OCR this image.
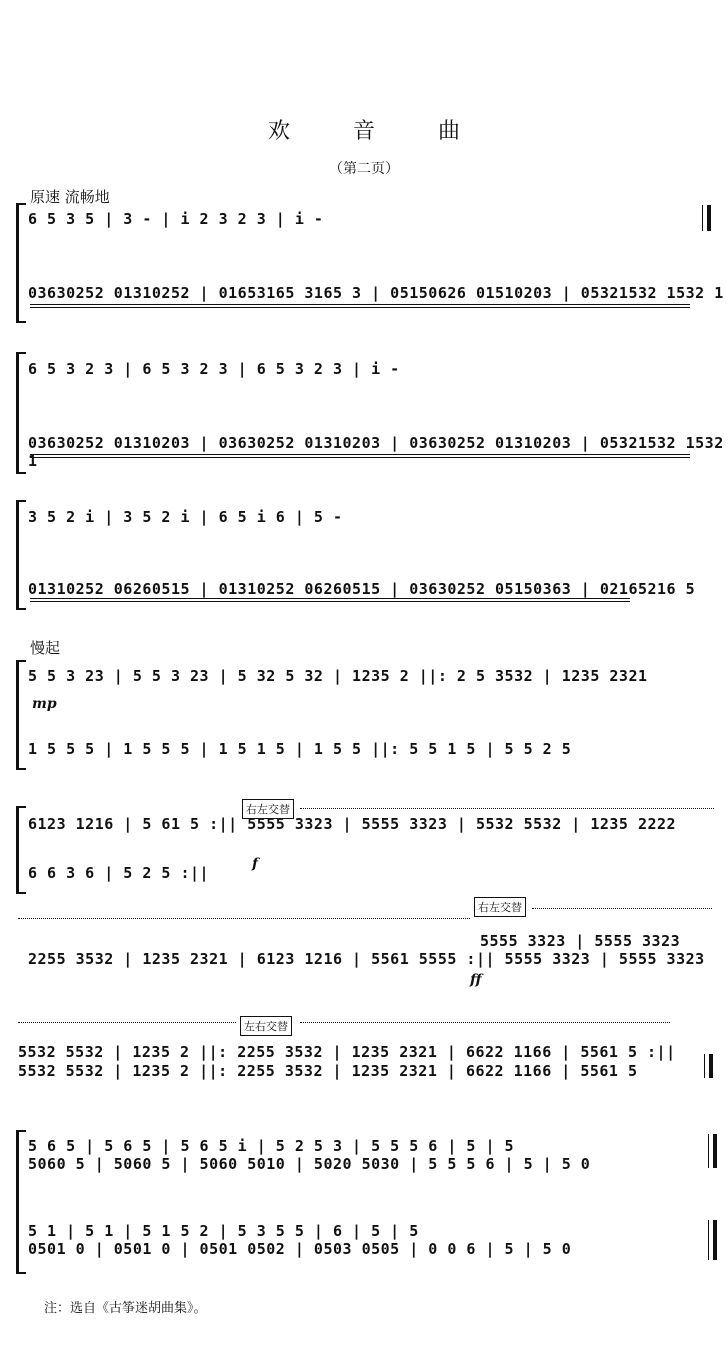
欢 音 曲
（第二页）
原速 流畅地
6 5 3 5 | 3 - | i 2 3 2 3 | i -
03630252 01310252 | 01653165 3165 3 | 05150626 01510203 | 05321532 1532 1
6 5 3 2 3 | 6 5 3 2 3 | 6 5 3 2 3 | i -
03630252 01310203 | 03630252 01310203 | 03630252 01310203 | 05321532 1532 1
3 5 2 i | 3 5 2 i | 6 5 i 6 | 5 -
01310252 06260515 | 01310252 06260515 | 03630252 05150363 | 02165216 5
慢起
5 5 3 23 | 5 5 3 23 | 5 32 5 32 | 1235 2 ||: 2 5 3532 | 1235 2321
mp
1 5 5 5 | 1 5 5 5 | 1 5 1 5 | 1 5 5 ||: 5 5 1 5 | 5 5 2 5
右左交替
6123 1216 | 5 61 5 :|| 5555 3323 | 5555 3323 | 5532 5532 | 1235 2222
f
6 6 3 6 | 5 2 5 :||
右左交替
2255 3532 | 1235 2321 | 6123 1216 | 5561 5555 :|| 5555 3323 | 5555 3323
5555 3323 | 5555 3323
ff
左右交替
5532 5532 | 1235 2 ||: 2255 3532 | 1235 2321 | 6622 1166 | 5561 5 :||
5532 5532 | 1235 2 ||: 2255 3532 | 1235 2321 | 6622 1166 | 5561 5
5 6 5 | 5 6 5 | 5 6 5 i | 5 2 5 3 | 5 5 5 6 | 5 | 5
5060 5 | 5060 5 | 5060 5010 | 5020 5030 | 5 5 5 6 | 5 | 5 0
5 1 | 5 1 | 5 1 5 2 | 5 3 5 5 | 6 | 5 | 5
0501 0 | 0501 0 | 0501 0502 | 0503 0505 | 0 0 6 | 5 | 5 0
注：选自《古筝迷胡曲集》。
